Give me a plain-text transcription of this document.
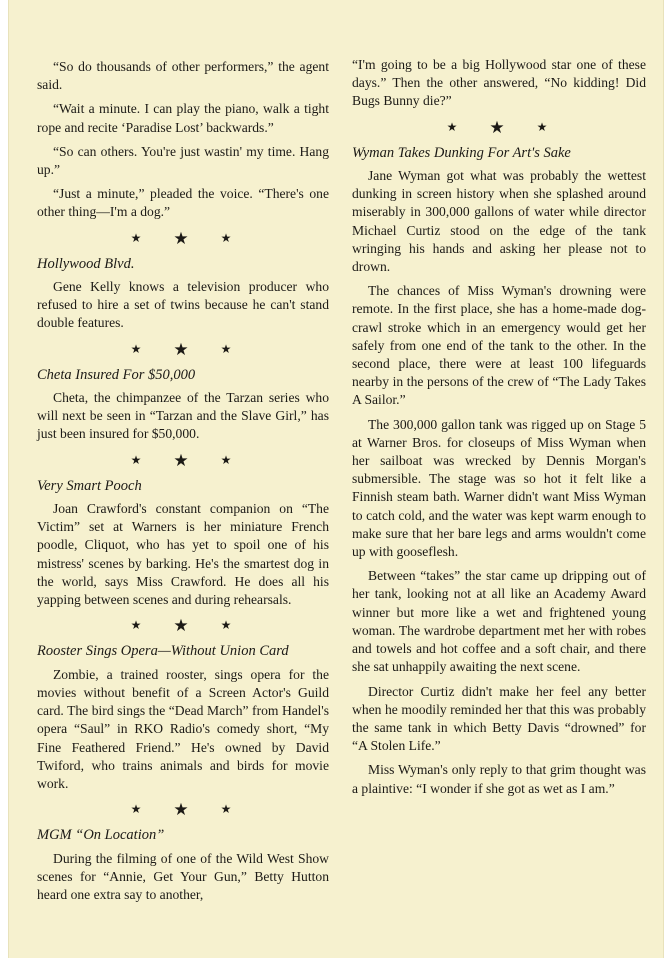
“So do thousands of other performers,” the agent said.

“Wait a minute. I can play the piano, walk a tight rope and recite ‘Paradise Lost’ backwards.”

“So can others. You're just wastin' my time. Hang up.”

“Just a minute,” pleaded the voice. “There's one other thing—I'm a dog.”

★ ★ ★
Hollywood Blvd.

Gene Kelly knows a television producer who refused to hire a set of twins because he can't stand double features.

★ ★ ★
Cheta Insured For $50,000

Cheta, the chimpanzee of the Tarzan series who will next be seen in “Tarzan and the Slave Girl,” has just been insured for $50,000.

★ ★ ★
Very Smart Pooch

Joan Crawford's constant companion on “The Victim” set at Warners is her miniature French poodle, Cliquot, who has yet to spoil one of his mistress' scenes by barking. He's the smartest dog in the world, says Miss Crawford. He does all his yapping between scenes and during rehearsals.

★ ★ ★
Rooster Sings Opera—Without Union Card

Zombie, a trained rooster, sings opera for the movies without benefit of a Screen Actor's Guild card. The bird sings the “Dead March” from Handel's opera “Saul” in RKO Radio's comedy short, “My Fine Feathered Friend.” He's owned by David Twiford, who trains animals and birds for movie work.

★ ★ ★
MGM “On Location”

During the filming of one of the Wild West Show scenes for “Annie, Get Your Gun,” Betty Hutton heard one extra say to another,

“I'm going to be a big Hollywood star one of these days.” Then the other answered, “No kidding! Did Bugs Bunny die?”

★ ★ ★
Wyman Takes Dunking For Art's Sake

Jane Wyman got what was probably the wettest dunking in screen history when she splashed around miserably in 300,000 gallons of water while director Michael Curtiz stood on the edge of the tank wringing his hands and asking her please not to drown.

The chances of Miss Wyman's drowning were remote. In the first place, she has a home-made dog-crawl stroke which in an emergency would get her safely from one end of the tank to the other. In the second place, there were at least 100 lifeguards nearby in the persons of the crew of “The Lady Takes A Sailor.”

The 300,000 gallon tank was rigged up on Stage 5 at Warner Bros. for closeups of Miss Wyman when her sailboat was wrecked by Dennis Morgan's submersible. The stage was so hot it felt like a Finnish steam bath. Warner didn't want Miss Wyman to catch cold, and the water was kept warm enough to make sure that her bare legs and arms wouldn't come up with gooseflesh.

Between “takes” the star came up dripping out of her tank, looking not at all like an Academy Award winner but more like a wet and frightened young woman. The wardrobe department met her with robes and towels and hot coffee and a soft chair, and there she sat unhappily awaiting the next scene.

Director Curtiz didn't make her feel any better when he moodily reminded her that this was probably the same tank in which Betty Davis “drowned” for “A Stolen Life.”

Miss Wyman's only reply to that grim thought was a plaintive: “I wonder if she got as wet as I am.”
